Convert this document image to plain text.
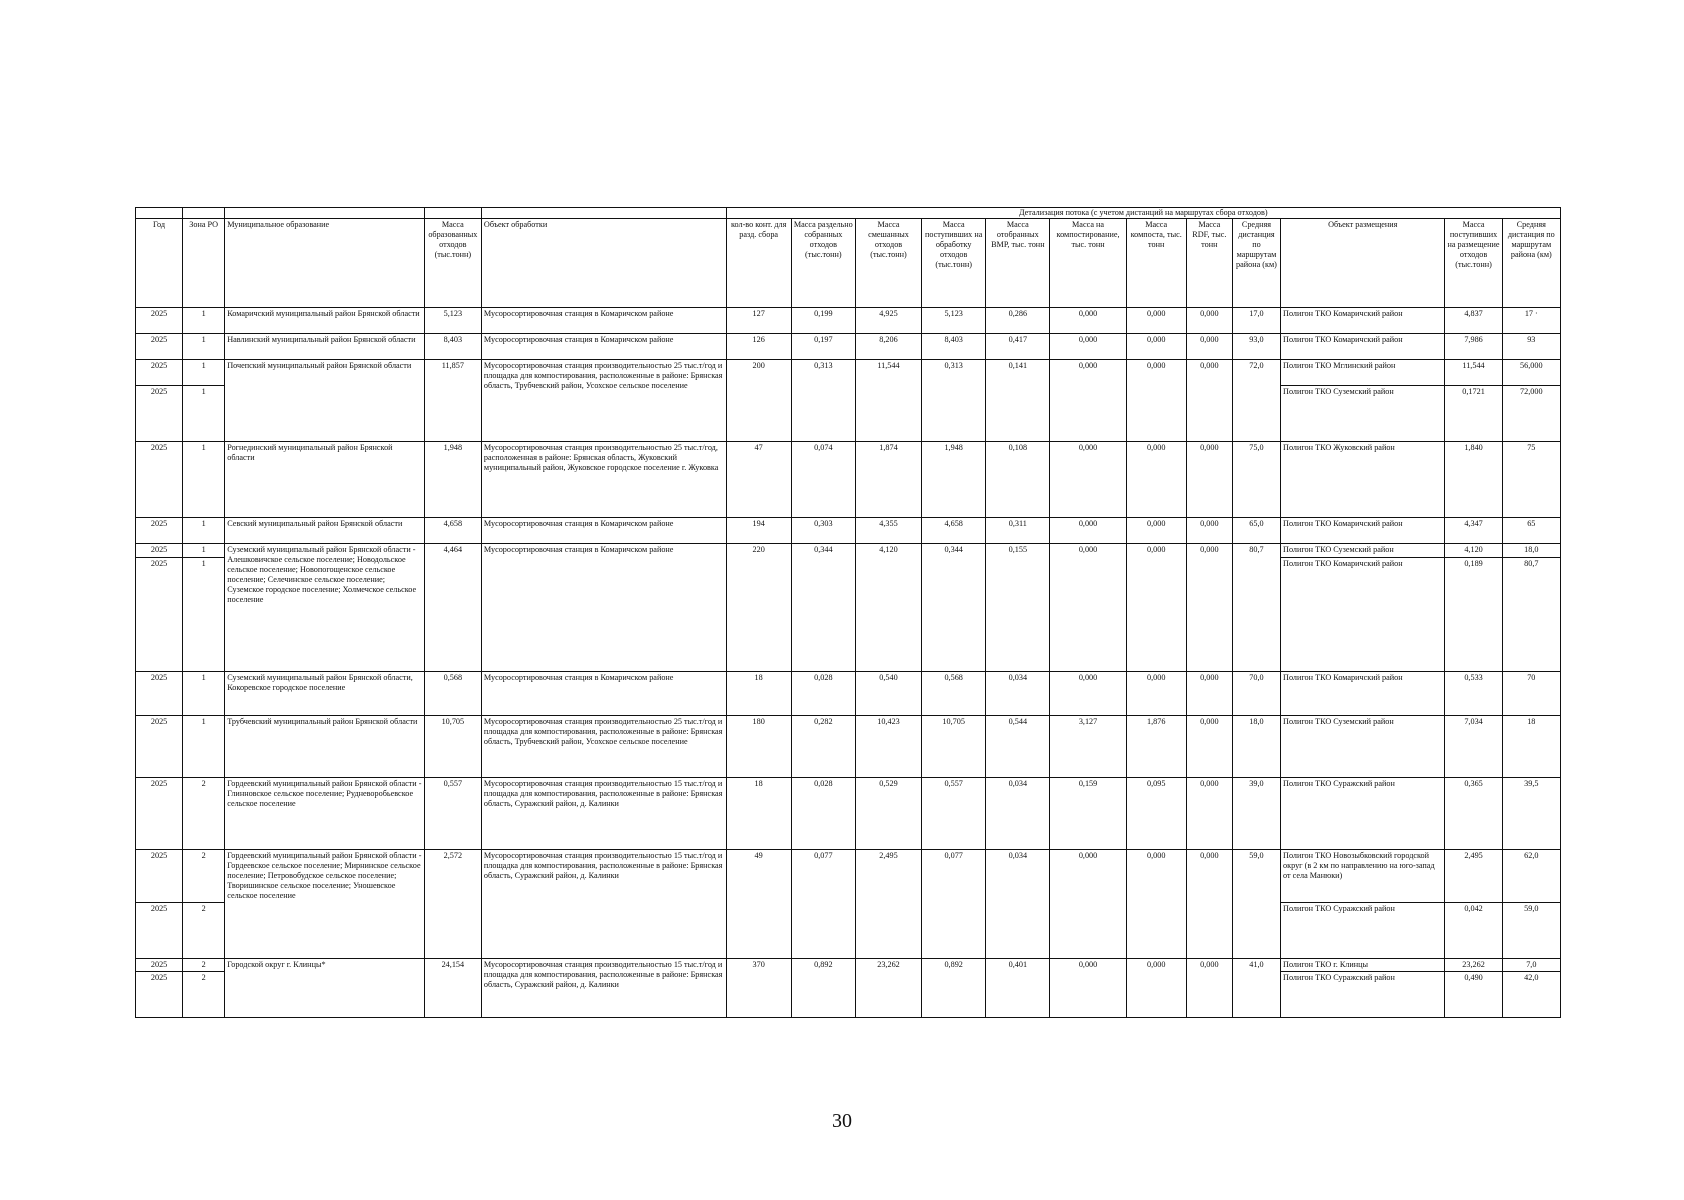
					Детализация потока (с учетом дистанций на маршрутах сбора отходов)											
Год	Зона РО	Муниципальное образование	Масса образованных отходов (тыс.тонн)	Объект обработки	кол-во конт. для разд. сбора	Масса раздельно собранных отходов (тыс.тонн)	Масса смешанных отходов (тыс.тонн)	Масса поступивших на обработку отходов (тыс.тонн)	Масса отобранных ВМР, тыс. тонн	Масса на компостирование, тыс. тонн	Масса компоста, тыс. тонн	Масса RDF, тыс. тонн	Средняя дистанция по маршрутам района (км)	Объект размещения	Масса поступивших на размещение отходов (тыс.тонн)	Средняя дистанция по маршрутам района (км)
2025	1	Комаричский муниципальный район Брянской области	5,123	Мусоросортировочная станция в Комаричском районе	127	0,199	4,925	5,123	0,286	0,000	0,000	0,000	17,0	Полигон ТКО Комаричский район	4,837	17 ·
2025	1	Навлинский муниципальный район Брянской области	8,403	Мусоросортировочная станция в Комаричском районе	126	0,197	8,206	8,403	0,417	0,000	0,000	0,000	93,0	Полигон ТКО Комаричский район	7,986	93
2025	1	Почепский муниципальный район Брянской области	11,857	Мусоросортировочная станция производительностью 25 тыс.т/год и площадка для компостирования, расположенные в районе: Брянская область, Трубчевский район, Усохское сельское поселение	200	0,313	11,544	0,313	0,141	0,000	0,000	0,000	72,0	Полигон ТКО Мглинский район	11,544	56,000
2025	1													Полигон ТКО Суземский район	0,1721	72,000
2025	1	Рогнединский муниципальный район Брянской области	1,948	Мусоросортировочная станция производительностью 25 тыс.т/год, расположенная в районе: Брянская область, Жуковский муниципальный район, Жуковское городское поселение г. Жуковка	47	0,074	1,874	1,948	0,108	0,000	0,000	0,000	75,0	Полигон ТКО Жуковский район	1,840	75
2025	1	Севский муниципальный район Брянской области	4,658	Мусоросортировочная станция в Комаричском районе	194	0,303	4,355	4,658	0,311	0,000	0,000	0,000	65,0	Полигон ТКО Комаричский район	4,347	65
2025	1	Суземский муниципальный район Брянской области - Алешковичское сельское поселение; Новодольское сельское поселение; Новопогощенское сельское поселение; Селечинское сельское поселение; Суземское городское поселение; Холмечское сельское поселение	4,464	Мусоросортировочная станция в Комаричском районе	220	0,344	4,120	0,344	0,155	0,000	0,000	0,000	80,7	Полигон ТКО Суземский район	4,120	18,0
2025	1													Полигон ТКО Комаричский район	0,189	80,7
2025	1	Суземский муниципальный район Брянской области, Кокоревское городское поселение	0,568	Мусоросортировочная станция в Комаричском районе	18	0,028	0,540	0,568	0,034	0,000	0,000	0,000	70,0	Полигон ТКО Комаричский район	0,533	70
2025	1	Трубчевский муниципальный район Брянской области	10,705	Мусоросортировочная станция производительностью 25 тыс.т/год и площадка для компостирования, расположенные в районе: Брянская область, Трубчевский район, Усохское сельское поселение	180	0,282	10,423	10,705	0,544	3,127	1,876	0,000	18,0	Полигон ТКО Суземский район	7,034	18
2025	2	Гордеевский муниципальный район Брянской области - Глинновское сельское поселение; Рудневоробьевское сельское поселение	0,557	Мусоросортировочная станция производительностью 15 тыс.т/год и площадка для компостирования, расположенные в районе: Брянская область, Суражский район, д. Калинки	18	0,028	0,529	0,557	0,034	0,159	0,095	0,000	39,0	Полигон ТКО Суражский район	0,365	39,5
2025	2	Гордеевский муниципальный район Брянской области - Гордеевское сельское поселение; Мирнинское сельское поселение; Петровобудское сельское поселение; Творишинское сельское поселение; Уношевское сельское поселение	2,572	Мусоросортировочная станция производительностью 15 тыс.т/год и площадка для компостирования, расположенные в районе: Брянская область, Суражский район, д. Калинки	49	0,077	2,495	0,077	0,034	0,000	0,000	0,000	59,0	Полигон ТКО Новозыбковский городской округ (в 2 км по направлению на юго-запад от села Манюки)	2,495	62,0
2025	2													Полигон ТКО Суражский район	0,042	59,0
2025	2	Городской округ г. Клинцы*	24,154	Мусоросортировочная станция производительностью 15 тыс.т/год и площадка для компостирования, расположенные в районе: Брянская область, Суражский район, д. Калинки	370	0,892	23,262	0,892	0,401	0,000	0,000	0,000	41,0	Полигон ТКО г. Клинцы	23,262	7,0
2025	2													Полигон ТКО Суражский район	0,490	42,0
30
